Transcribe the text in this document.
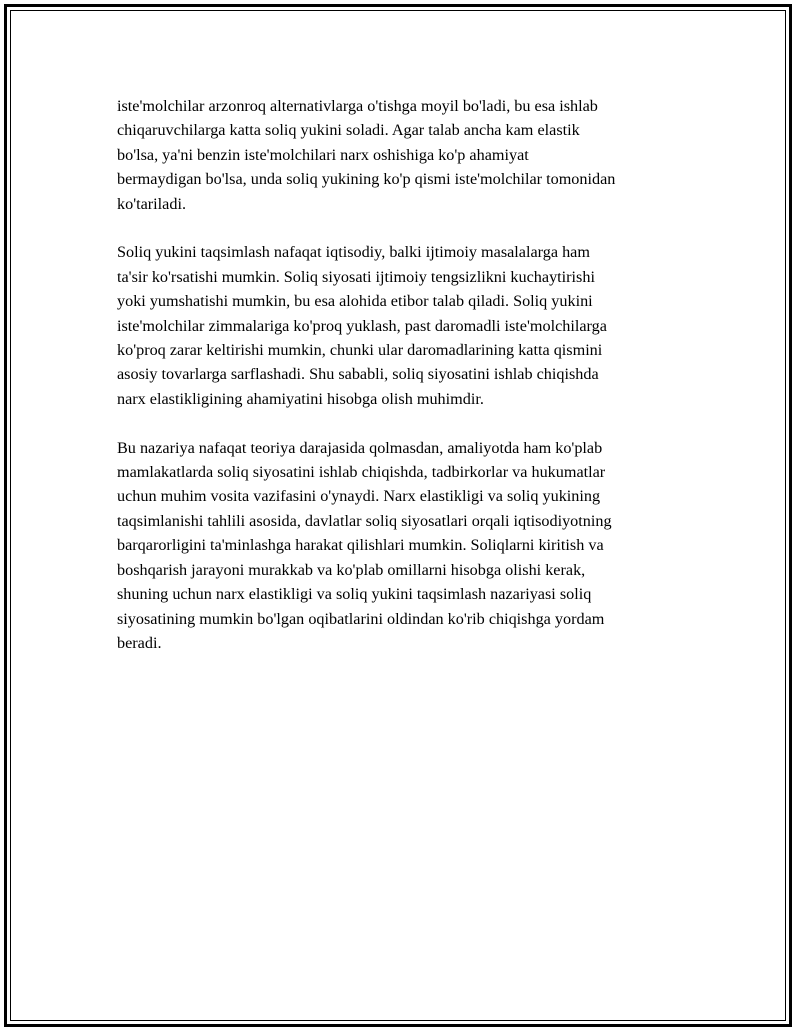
iste'molchilar arzonroq alternativlarga o'tishga moyil bo'ladi, bu esa ishlab
chiqaruvchilarga katta soliq yukini soladi. Agar talab ancha kam elastik
bo'lsa, ya'ni benzin iste'molchilari narx oshishiga ko'p ahamiyat
bermaydigan bo'lsa, unda soliq yukining ko'p qismi iste'molchilar tomonidan
ko'tariladi.

Soliq yukini taqsimlash nafaqat iqtisodiy, balki ijtimoiy masalalarga ham
ta'sir ko'rsatishi mumkin. Soliq siyosati ijtimoiy tengsizlikni kuchaytirishi
yoki yumshatishi mumkin, bu esa alohida etibor talab qiladi. Soliq yukini
iste'molchilar zimmalariga ko'proq yuklash, past daromadli iste'molchilarga
ko'proq zarar keltirishi mumkin, chunki ular daromadlarining katta qismini
asosiy tovarlarga sarflashadi. Shu sababli, soliq siyosatini ishlab chiqishda
narx elastikligining ahamiyatini hisobga olish muhimdir.

Bu nazariya nafaqat teoriya darajasida qolmasdan, amaliyotda ham ko'plab
mamlakatlarda soliq siyosatini ishlab chiqishda, tadbirkorlar va hukumatlar
uchun muhim vosita vazifasini o'ynaydi. Narx elastikligi va soliq yukining
taqsimlanishi tahlili asosida, davlatlar soliq siyosatlari orqali iqtisodiyotning
barqarorligini ta'minlashga harakat qilishlari mumkin. Soliqlarni kiritish va
boshqarish jarayoni murakkab va ko'plab omillarni hisobga olishi kerak,
shuning uchun narx elastikligi va soliq yukini taqsimlash nazariyasi soliq
siyosatining mumkin bo'lgan oqibatlarini oldindan ko'rib chiqishga yordam
beradi.
